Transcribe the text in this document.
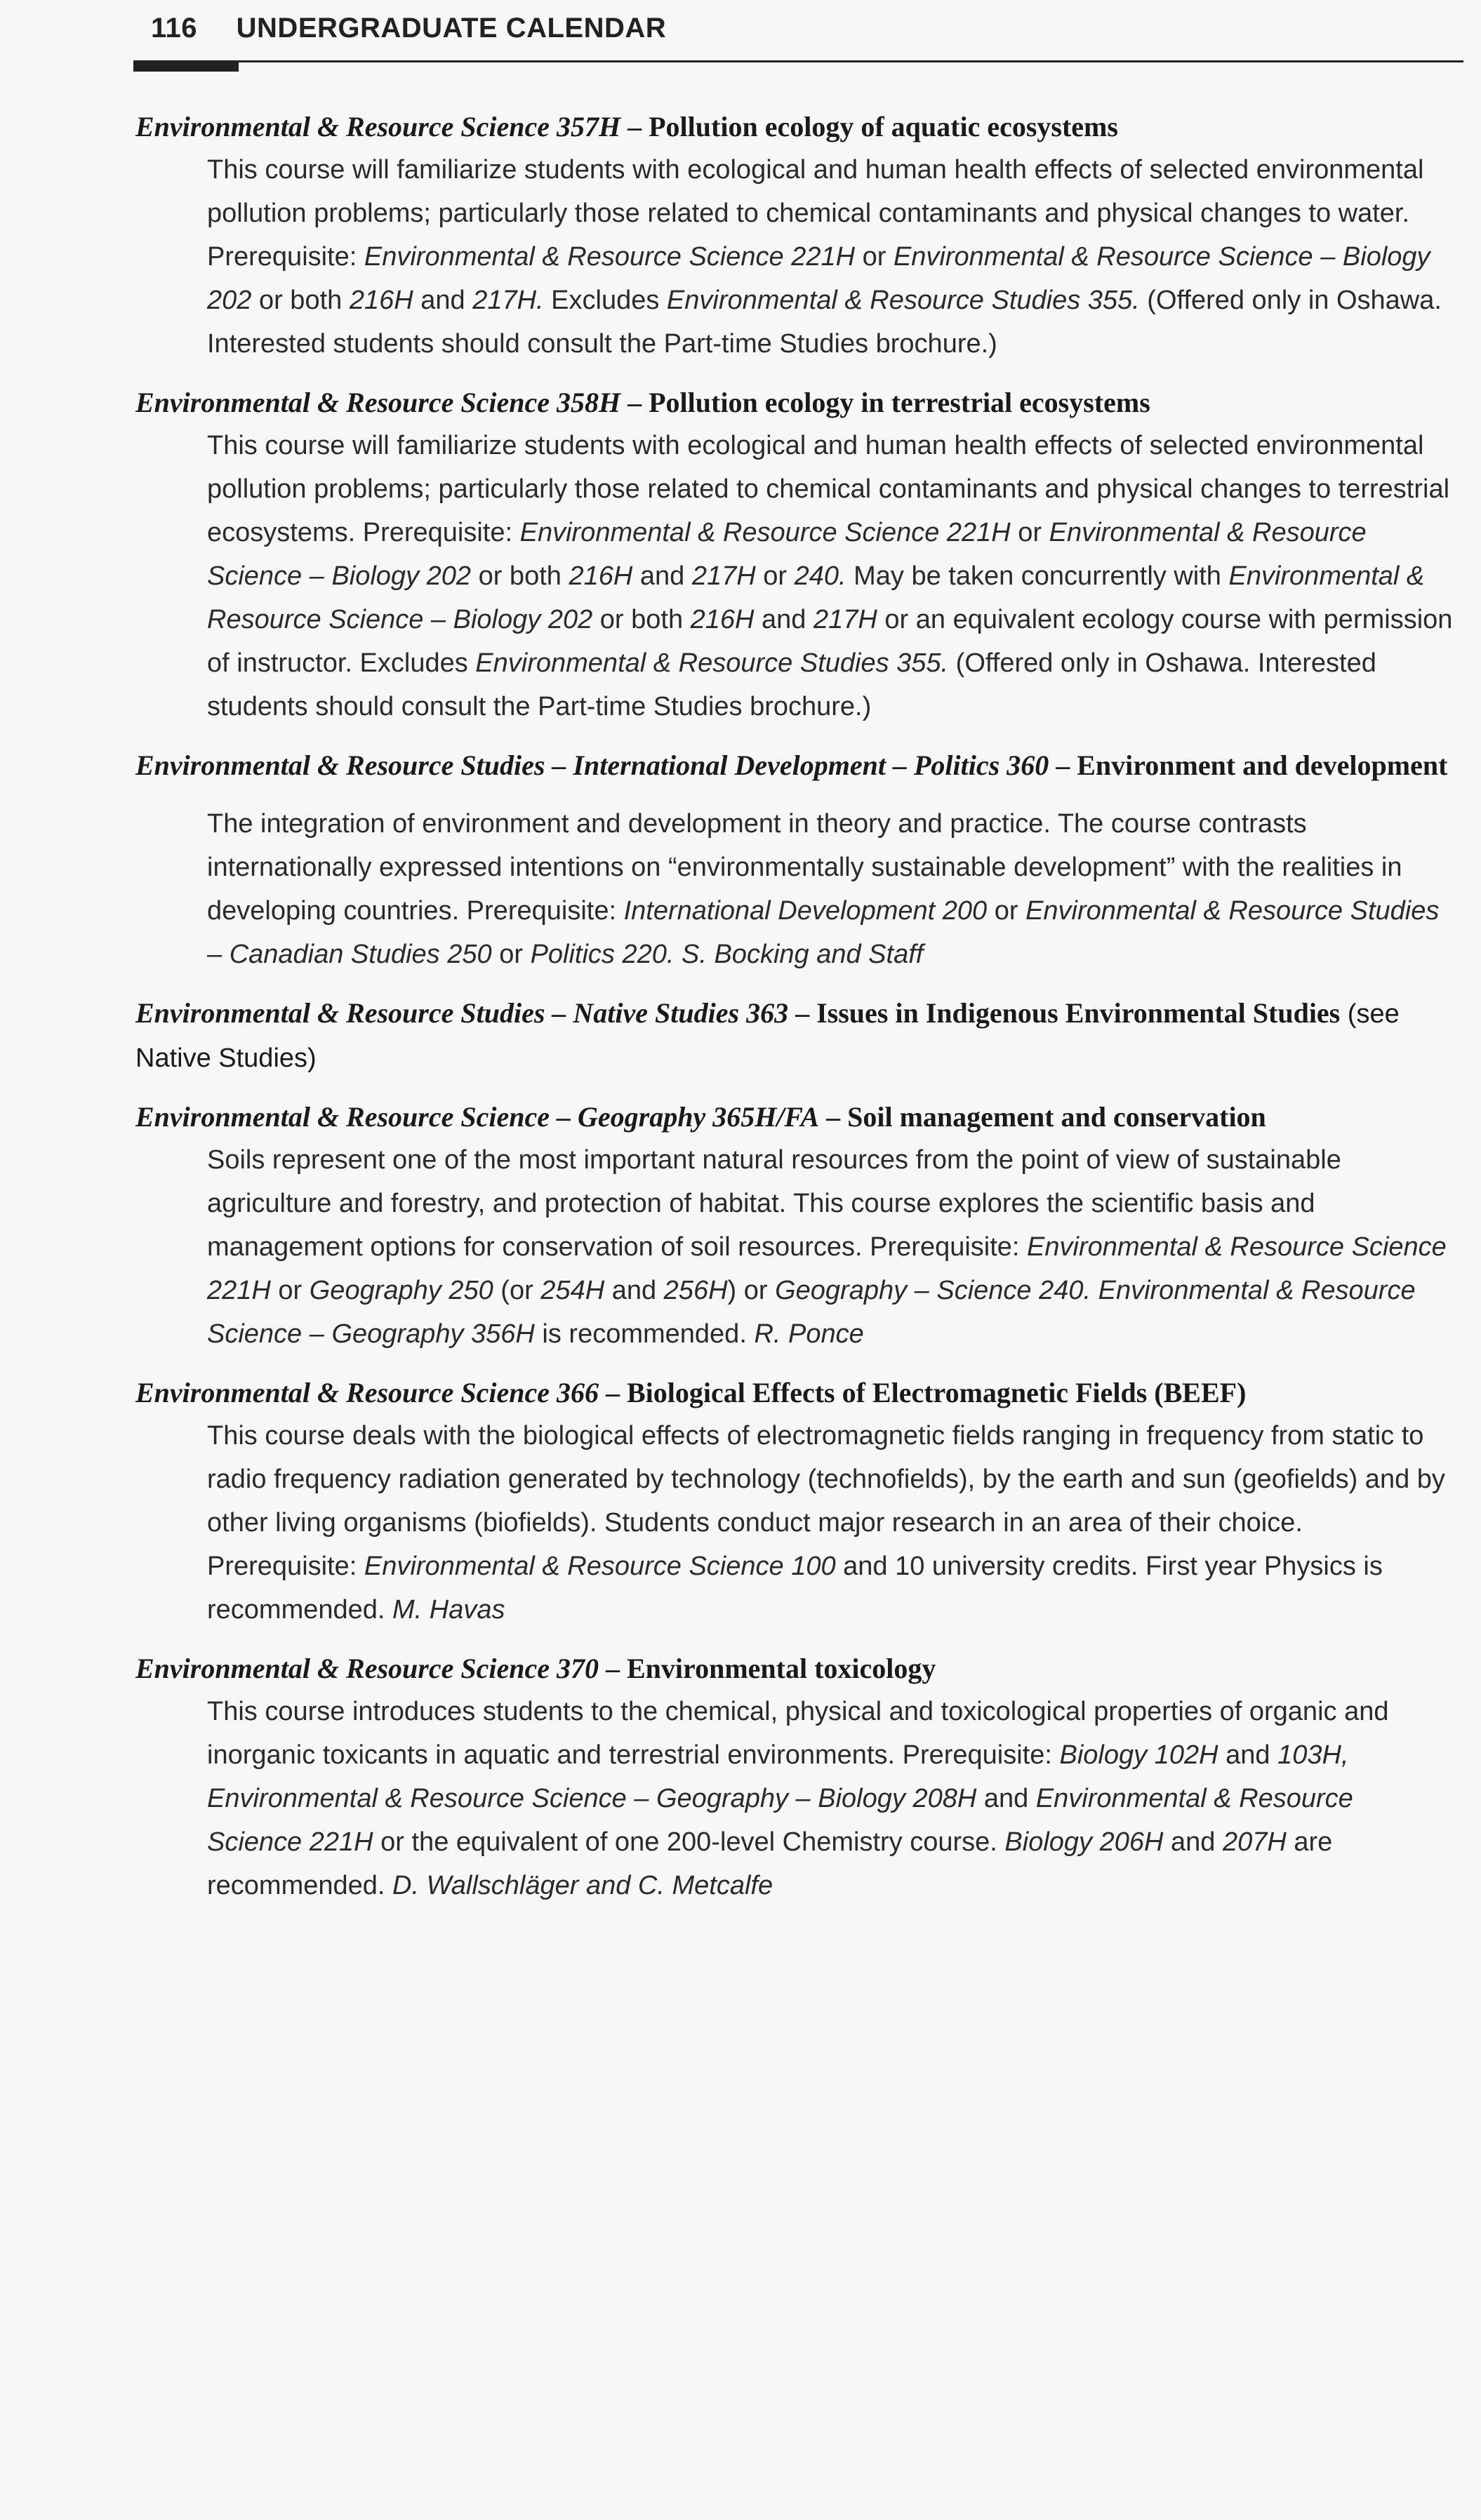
116 UNDERGRADUATE CALENDAR

Environmental & Resource Science 357H – Pollution ecology of aquatic ecosystems

This course will familiarize students with ecological and human health effects of selected environmental pollution problems; particularly those related to chemical contaminants and physical changes to water. Prerequisite: Environmental & Resource Science 221H or Environmental & Resource Science – Biology 202 or both 216H and 217H. Excludes Environmental & Resource Studies 355. (Offered only in Oshawa. Interested students should consult the Part-time Studies brochure.)

Environmental & Resource Science 358H – Pollution ecology in terrestrial ecosystems

This course will familiarize students with ecological and human health effects of selected environmental pollution problems; particularly those related to chemical contaminants and physical changes to terrestrial ecosystems. Prerequisite: Environmental & Resource Science 221H or Environmental & Resource Science – Biology 202 or both 216H and 217H or 240. May be taken concurrently with Environmental & Resource Science – Biology 202 or both 216H and 217H or an equivalent ecology course with permission of instructor. Excludes Environmental & Resource Studies 355. (Offered only in Oshawa. Interested students should consult the Part-time Studies brochure.)

Environmental & Resource Studies – International Development – Politics 360 – Environment and development

The integration of environment and development in theory and practice. The course contrasts internationally expressed intentions on “environmentally sustainable development” with the realities in developing countries. Prerequisite: International Development 200 or Environmental & Resource Studies – Canadian Studies 250 or Politics 220. S. Bocking and Staff

Environmental & Resource Studies – Native Studies 363 – Issues in Indigenous Environmental Studies (see Native Studies)

Environmental & Resource Science – Geography 365H/FA – Soil management and conservation

Soils represent one of the most important natural resources from the point of view of sustainable agriculture and forestry, and protection of habitat. This course explores the scientific basis and management options for conservation of soil resources. Prerequisite: Environmental & Resource Science 221H or Geography 250 (or 254H and 256H) or Geography – Science 240. Environmental & Resource Science – Geography 356H is recommended. R. Ponce

Environmental & Resource Science 366 – Biological Effects of Electromagnetic Fields (BEEF)

This course deals with the biological effects of electromagnetic fields ranging in frequency from static to radio frequency radiation generated by technology (technofields), by the earth and sun (geofields) and by other living organisms (biofields). Students conduct major research in an area of their choice. Prerequisite: Environmental & Resource Science 100 and 10 university credits. First year Physics is recommended. M. Havas

Environmental & Resource Science 370 – Environmental toxicology

This course introduces students to the chemical, physical and toxicological properties of organic and inorganic toxicants in aquatic and terrestrial environments. Prerequisite: Biology 102H and 103H, Environmental & Resource Science – Geography – Biology 208H and Environmental & Resource Science 221H or the equivalent of one 200-level Chemistry course. Biology 206H and 207H are recommended. D. Wallschläger and C. Metcalfe
